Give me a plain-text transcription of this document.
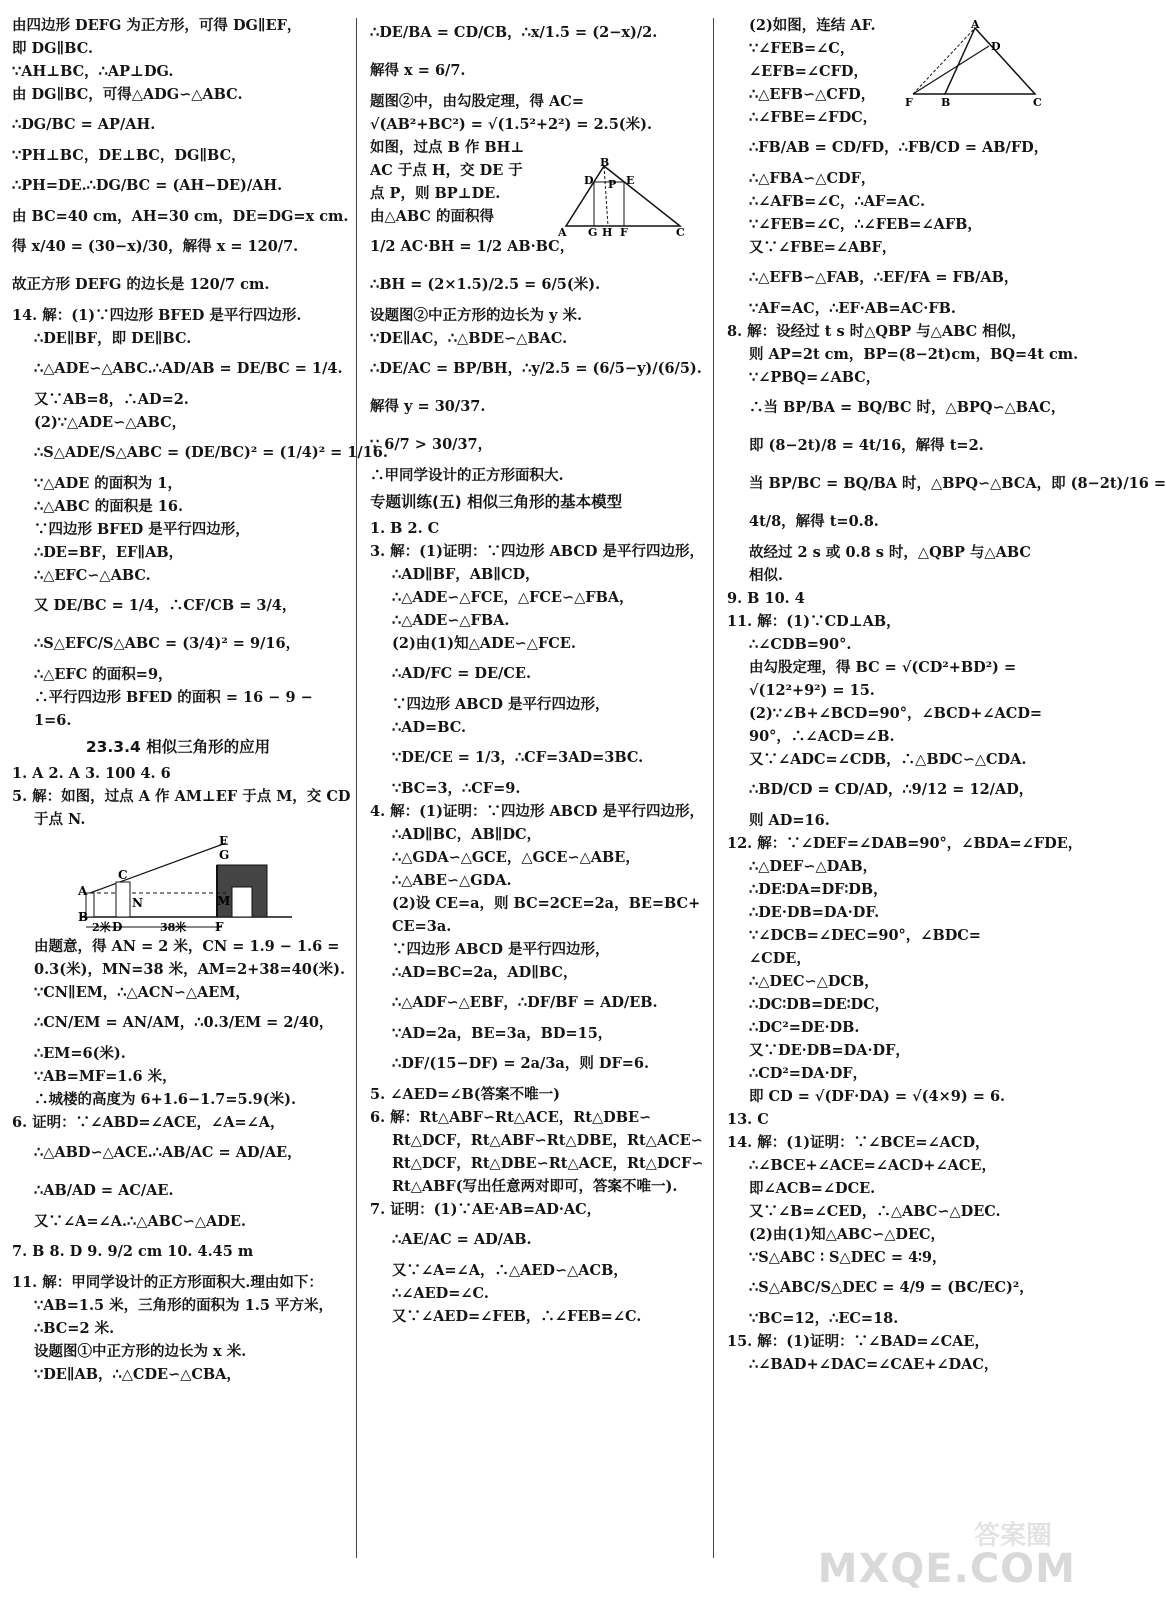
由四边形 DEFG 为正方形，可得 DG∥EF，
即 DG∥BC.
∵AH⊥BC，∴AP⊥DG.
由 DG∥BC，可得△ADG∽△ABC.
∴DG/BC = AP/AH.
∵PH⊥BC，DE⊥BC，DG∥BC，
∴PH=DE.∴DG/BC = (AH−DE)/AH.
由 BC=40 cm，AH=30 cm，DE=DG=x cm.
得 x/40 = (30−x)/30，解得 x = 120/7.
故正方形 DEFG 的边长是 120/7 cm.
14. 解：(1)∵四边形 BFED 是平行四边形.
∴DE∥BF，即 DE∥BC.
∴△ADE∽△ABC.∴AD/AB = DE/BC = 1/4.
又∵AB=8，∴AD=2.
(2)∵△ADE∽△ABC，
∴S△ADE/S△ABC = (DE/BC)² = (1/4)² = 1/16.
∵△ADE 的面积为 1，
∴△ABC 的面积是 16.
∵四边形 BFED 是平行四边形，
∴DE=BF，EF∥AB，
∴△EFC∽△ABC.
又 DE/BC = 1/4，∴CF/CB = 3/4，
∴S△EFC/S△ABC = (3/4)² = 9/16，
∴△EFC 的面积=9，
∴平行四边形 BFED 的面积 = 16 − 9 −
1=6.
23.3.4 相似三角形的应用
1. A 2. A 3. 100 4. 6
5. 解：如图，过点 A 作 AM⊥EF 于点 M，交 CD
于点 N.
E
G
A
C
B
D
N	M
F
2米	38米
由题意，得 AN = 2 米，CN = 1.9 − 1.6 =
0.3(米)，MN=38 米，AM=2+38=40(米).
∵CN∥EM，∴△ACN∽△AEM，
∴CN/EM = AN/AM，∴0.3/EM = 2/40，
∴EM=6(米).
∵AB=MF=1.6 米，
∴城楼的高度为 6+1.6−1.7=5.9(米).
6. 证明：∵∠ABD=∠ACE，∠A=∠A，
∴△ABD∽△ACE.∴AB/AC = AD/AE，
∴AB/AD = AC/AE.
又∵∠A=∠A.∴△ABC∽△ADE.
7. B 8. D 9. 9/2 cm 10. 4.45 m
11. 解：甲同学设计的正方形面积大.理由如下：
∵AB=1.5 米，三角形的面积为 1.5 平方米，
∴BC=2 米.
设题图①中正方形的边长为 x 米.
∵DE∥AB，∴△CDE∽△CBA，
∴DE/BA = CD/CB，∴x/1.5 = (2−x)/2.
解得 x = 6/7.
题图②中，由勾股定理，得 AC=
√(AB²+BC²) = √(1.5²+2²) = 2.5(米).
如图，过点 B 作 BH⊥
AC 于点 H，交 DE 于
点 P，则 BP⊥DE.
由△ABC 的面积得
1/2 AC·BH = 1/2 AB·BC，
∴BH = (2×1.5)/2.5 = 6/5(米).
设题图②中正方形的边长为 y 米.
∵DE∥AC，∴△BDE∽△BAC.
∴DE/AC = BP/BH，∴y/2.5 = (6/5−y)/(6/5).
解得 y = 30/37.
∵ 6/7 > 30/37，
∴甲同学设计的正方形面积大.
专题训练(五) 相似三角形的基本模型
1. B 2. C
3. 解：(1)证明：∵四边形 ABCD 是平行四边形，
∴AD∥BF，AB∥CD，
∴△ADE∽△FCE，△FCE∽△FBA，
∴△ADE∽△FBA.
(2)由(1)知△ADE∽△FCE.
∴AD/FC = DE/CE.
∵四边形 ABCD 是平行四边形，
∴AD=BC.
∵DE/CE = 1/3，∴CF=3AD=3BC.
∵BC=3，∴CF=9.
4. 解：(1)证明：∵四边形 ABCD 是平行四边形，
∴AD∥BC，AB∥DC，
∴△GDA∽△GCE，△GCE∽△ABE，
∴△ABE∽△GDA.
(2)设 CE=a，则 BC=2CE=2a，BE=BC+
CE=3a.
∵四边形 ABCD 是平行四边形，
∴AD=BC=2a，AD∥BC，
∴△ADF∽△EBF，∴DF/BF = AD/EB.
∵AD=2a，BE=3a，BD=15，
∴DF/(15−DF) = 2a/3a，则 DF=6.
5. ∠AED=∠B(答案不唯一)
6. 解：Rt△ABF∽Rt△ACE，Rt△DBE∽
Rt△DCF，Rt△ABF∽Rt△DBE，Rt△ACE∽
Rt△DCF，Rt△DBE∽Rt△ACE，Rt△DCF∽
Rt△ABF(写出任意两对即可，答案不唯一).
7. 证明：(1)∵AE·AB=AD·AC，
∴AE/AC = AD/AB.
又∵∠A=∠A，∴△AED∽△ACB，
∴∠AED=∠C.
又∵∠AED=∠FEB，∴∠FEB=∠C.
B
D P E
A G H F	C
(2)如图，连结 AF.
∵∠FEB=∠C，
∠EFB=∠CFD，
∴△EFB∽△CFD，
∴∠FBE=∠FDC，
∴FB/AB = CD/FD，∴FB/CD = AB/FD，
∴△FBA∽△CDF，
∴∠AFB=∠C，∴AF=AC.
∵∠FEB=∠C，∴∠FEB=∠AFB，
又∵∠FBE=∠ABF，
∴△EFB∽△FAB，∴EF/FA = FB/AB，
∵AF=AC，∴EF·AB=AC·FB.
8. 解：设经过 t s 时△QBP 与△ABC 相似，
则 AP=2t cm，BP=(8−2t)cm，BQ=4t cm.
∵∠PBQ=∠ABC，
∴当 BP/BA = BQ/BC 时，△BPQ∽△BAC，
即 (8−2t)/8 = 4t/16，解得 t=2.
当 BP/BC = BQ/BA 时，△BPQ∽△BCA，即 (8−2t)/16 =
4t/8，解得 t=0.8.
故经过 2 s 或 0.8 s 时，△QBP 与△ABC
相似.
9. B 10. 4
11. 解：(1)∵CD⊥AB，
∴∠CDB=90°.
由勾股定理，得 BC = √(CD²+BD²) =
√(12²+9²) = 15.
(2)∵∠B+∠BCD=90°，∠BCD+∠ACD=
90°，∴∠ACD=∠B.
又∵∠ADC=∠CDB，∴△BDC∽△CDA.
∴BD/CD = CD/AD，∴9/12 = 12/AD，
则 AD=16.
12. 解：∵∠DEF=∠DAB=90°，∠BDA=∠FDE，
∴△DEF∽△DAB，
∴DE∶DA=DF∶DB，
∴DE·DB=DA·DF.
∵∠DCB=∠DEC=90°，∠BDC=
∠CDE，
∴△DEC∽△DCB，
∴DC∶DB=DE∶DC，
∴DC²=DE·DB.
又∵DE·DB=DA·DF，
∴CD²=DA·DF，
即 CD = √(DF·DA) = √(4×9) = 6.
13. C
14. 解：(1)证明：∵∠BCE=∠ACD，
∴∠BCE+∠ACE=∠ACD+∠ACE，
即∠ACB=∠DCE.
又∵∠B=∠CED，∴△ABC∽△DEC.
(2)由(1)知△ABC∽△DEC，
∵S△ABC ∶ S△DEC = 4∶9，
∴S△ABC/S△DEC = 4/9 = (BC/EC)²，
∵BC=12，∴EC=18.
15. 解：(1)证明：∵∠BAD=∠CAE，
∴∠BAD+∠DAC=∠CAE+∠DAC，
A
D
F	B	C
答案圈
MXQE.COM
